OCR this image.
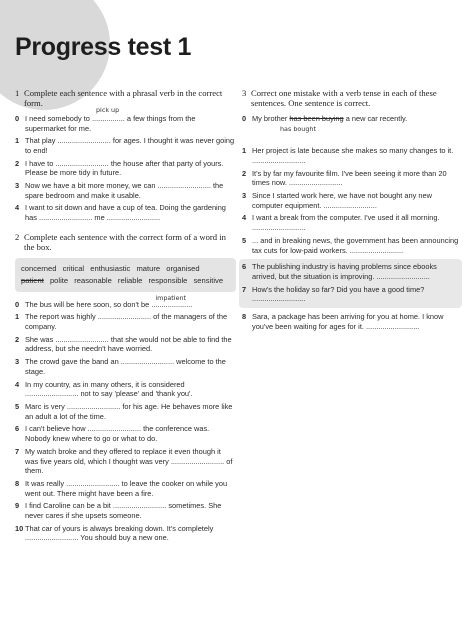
Progress test 1
1 Complete each sentence with a phrasal verb in the correct form.
0 I need somebody to ........
pick up
........ a few things from the supermarket for me.
1 That play .......................... for ages. I thought it was never going to end!
2 I have to .......................... the house after that party of yours. Please be more tidy in future.
3 Now we have a bit more money, we can .......................... the spare bedroom and make it usable.
4 I want to sit down and have a cup of tea. Doing the gardening has .......................... me ..........................
2 Complete each sentence with the correct form of a word in the box.
concerned critical enthusiastic mature organised patient polite reasonable reliable responsible sensitive
0 The bus will be here soon, so don't be ..........
impatient
..........
1 The report was highly .......................... of the managers of the company.
2 She was .......................... that she would not be able to find the address, but she needn't have worried.
3 The crowd gave the band an .......................... welcome to the stage.
4 In my country, as in many others, it is considered .......................... not to say 'please' and 'thank you'.
5 Marc is very .......................... for his age. He behaves more like an adult a lot of the time.
6 I can't believe how .......................... the conference was. Nobody knew where to go or what to do.
7 My watch broke and they offered to replace it even though it was five years old, which I thought was very .......................... of them.
8 It was really .......................... to leave the cooker on while you went out. There might have been a fire.
9 I find Caroline can be a bit .......................... sometimes. She never cares if she upsets someone.
10 That car of yours is always breaking down. It's completely .......................... You should buy a new one.
3 Correct one mistake with a verb tense in each of these sentences. One sentence is correct.
0 My brother has been buying a new car recently.
has bought
1 Her project is late because she makes so many changes to it. ..........................
2 It's by far my favourite film. I've been seeing it more than 20 times now. ..........................
3 Since I started work here, we have not bought any new computer equipment. ..........................
4 I want a break from the computer. I've used it all morning. ..........................
5 ... and in breaking news, the government has been announcing tax cuts for low-paid workers. ..........................
6 The publishing industry is having problems since ebooks arrived, but the situation is improving. ..........................
7 How's the holiday so far? Did you have a good time? ..........................
8 Sara, a package has been arriving for you at home. I know you've been waiting for ages for it. ..........................
